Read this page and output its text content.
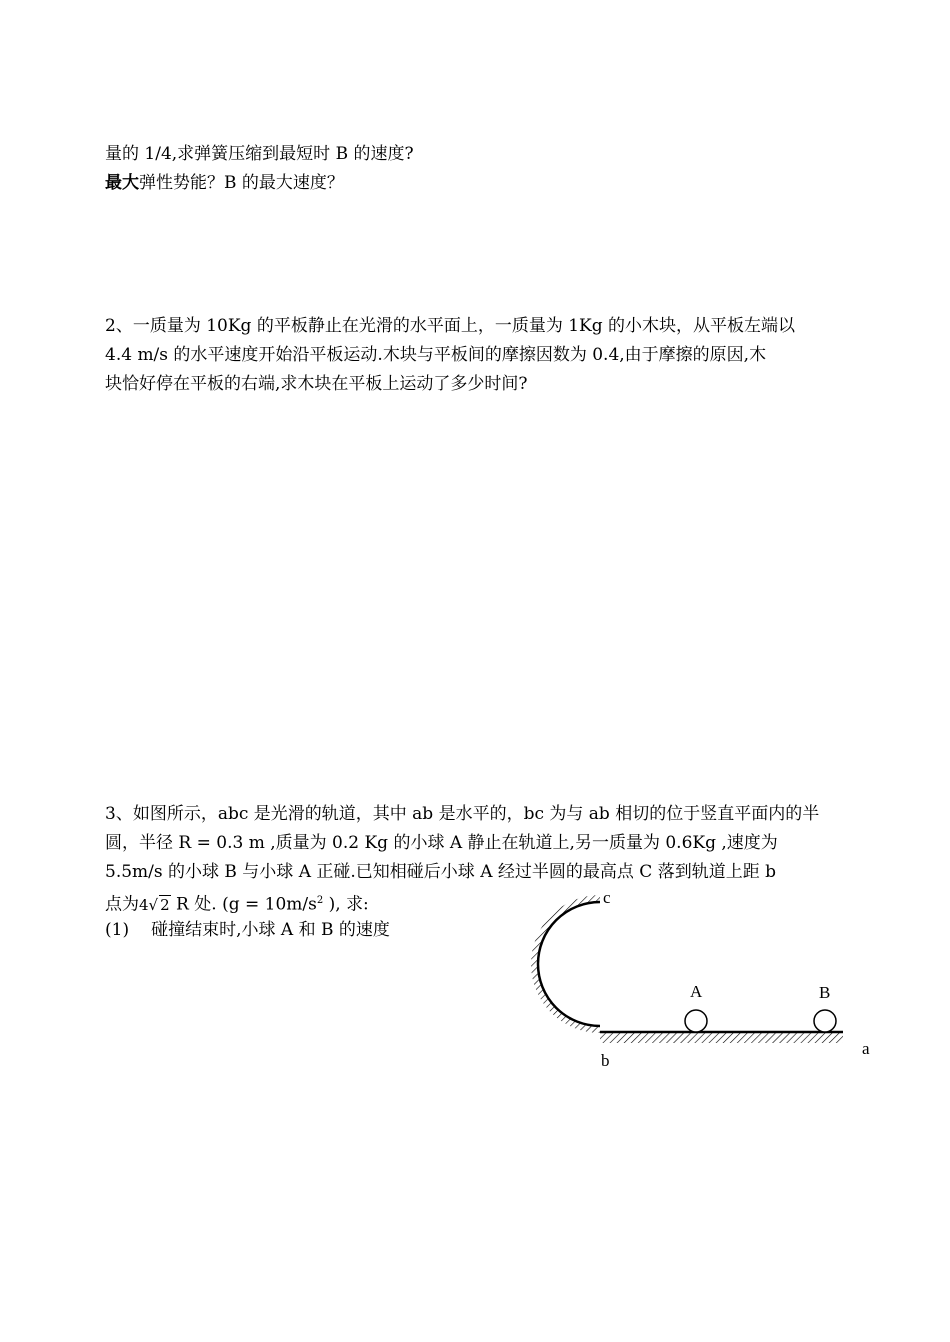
量的 1/4,求弹簧压缩到最短时 B 的速度?
最大弹性势能？B 的最大速度？
2、一质量为 10Kg 的平板静止在光滑的水平面上，一质量为 1Kg 的小木块，从平板左端以
4.4 m/s 的水平速度开始沿平板运动.木块与平板间的摩擦因数为 0.4,由于摩擦的原因,木
块恰好停在平板的右端,求木块在平板上运动了多少时间?
3、如图所示，abc 是光滑的轨道，其中 ab 是水平的，bc 为与 ab 相切的位于竖直平面内的半
圆，半径 R = 0.3 m ,质量为 0.2 Kg 的小球 A 静止在轨道上,另一质量为 0.6Kg ,速度为
5.5m/s 的小球 B 与小球 A 正碰.已知相碰后小球 A 经过半圆的最高点 C 落到轨道上距 b
点为4√ 2 R 处. ($g = 10m/s^2$ ), 求:
(1) 碰撞结束时,小球 A 和 B 的速度
c
A	B
a
b
